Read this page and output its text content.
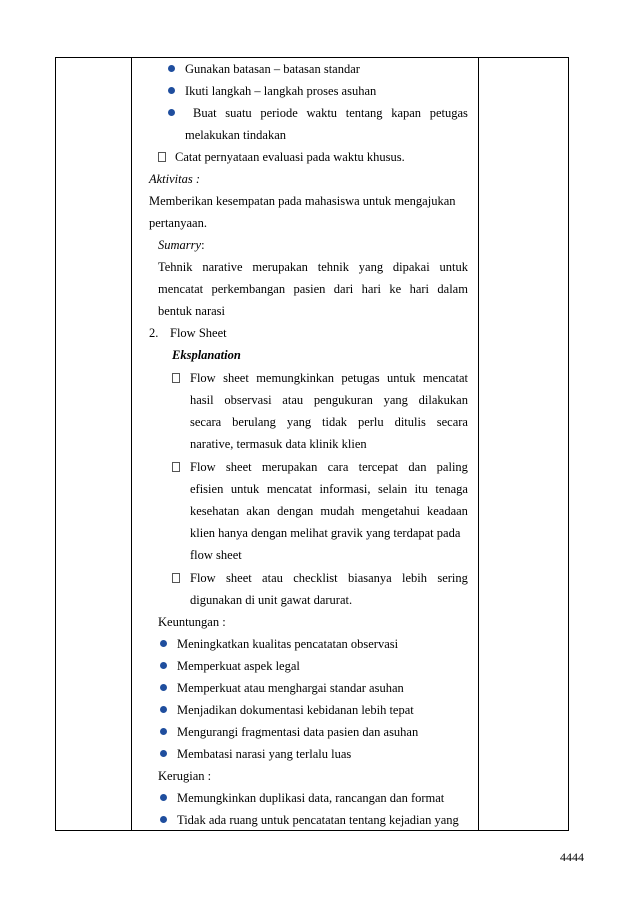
Gunakan batasan – batasan standar
Ikuti langkah – langkah proses asuhan
Buat suatu periode waktu tentang kapan petugas
melakukan tindakan
Catat pernyataan evaluasi pada waktu khusus.
Aktivitas :
Memberikan kesempatan pada mahasiswa untuk mengajukan
pertanyaan.
Sumarry:
Tehnik narative merupakan tehnik yang dipakai untuk
mencatat perkembangan pasien dari hari ke hari dalam
bentuk narasi
2. Flow Sheet
Eksplanation
Flow sheet memungkinkan petugas untuk mencatat
hasil observasi atau pengukuran yang dilakukan
secara berulang yang tidak perlu ditulis secara
narative, termasuk data klinik klien
Flow sheet merupakan cara tercepat dan paling
efisien untuk mencatat informasi, selain itu tenaga
kesehatan akan dengan mudah mengetahui keadaan
klien hanya dengan melihat gravik yang terdapat pada
flow sheet
Flow sheet atau checklist biasanya lebih sering
digunakan di unit gawat darurat.
Keuntungan :
Meningkatkan kualitas pencatatan observasi
Memperkuat aspek legal
Memperkuat atau menghargai standar asuhan
Menjadikan dokumentasi kebidanan lebih tepat
Mengurangi fragmentasi data pasien dan asuhan
Membatasi narasi yang terlalu luas
Kerugian :
Memungkinkan duplikasi data, rancangan dan format
Tidak ada ruang untuk pencatatan tentang kejadian yang
4444
